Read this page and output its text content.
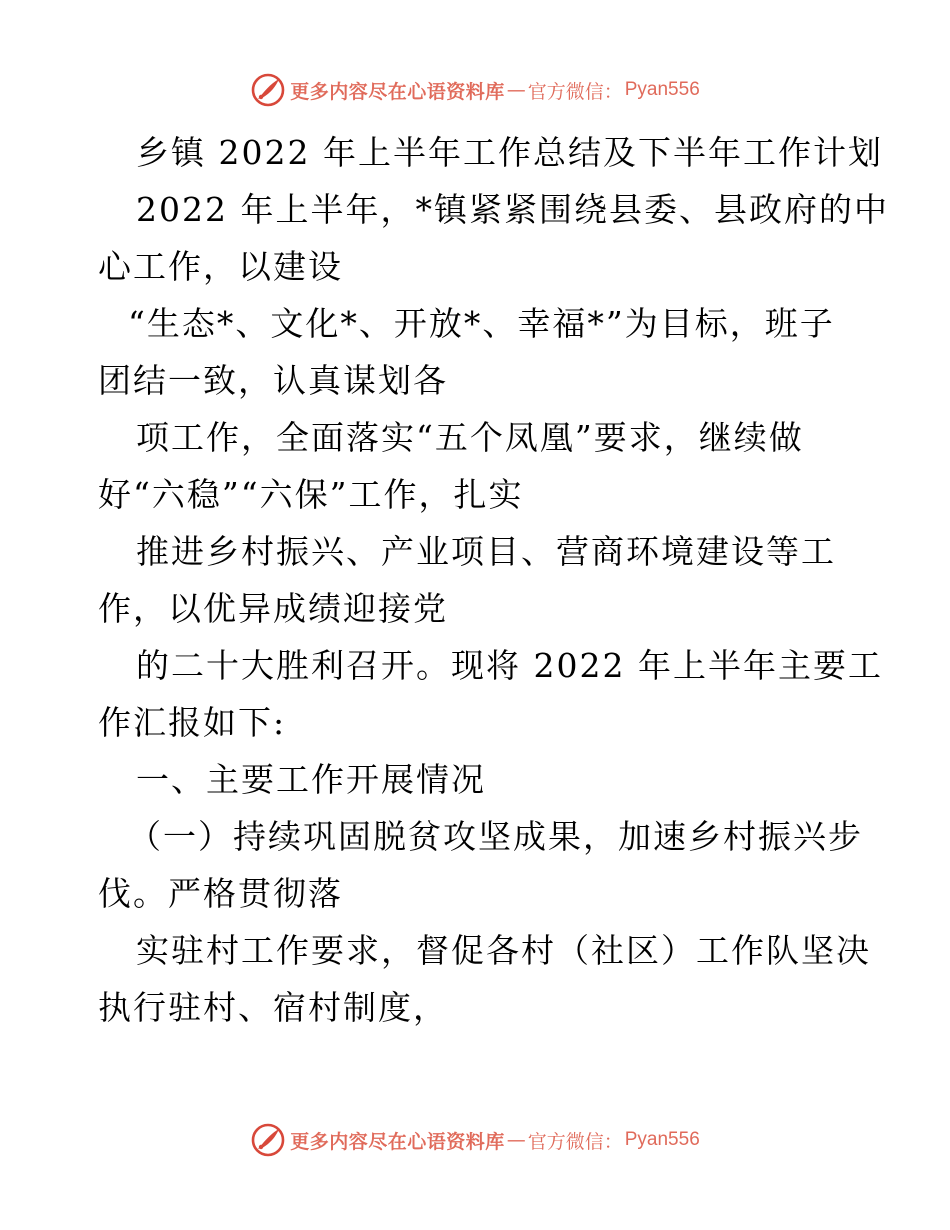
更多内容尽在心语资料库 — 官方微信： Pyan556
乡镇 2022 年上半年工作总结及下半年工作计划
2022 年上半年，*镇紧紧围绕县委、县政府的中
心工作，以建设
“生态*、文化*、开放*、幸福*”为目标，班子
团结一致，认真谋划各
项工作，全面落实“五个凤凰”要求，继续做
好“六稳”“六保”工作，扎实
推进乡村振兴、产业项目、营商环境建设等工
作，以优异成绩迎接党
的二十大胜利召开。现将 2022 年上半年主要工
作汇报如下:
一、主要工作开展情况
（一）持续巩固脱贫攻坚成果，加速乡村振兴步
伐。严格贯彻落
实驻村工作要求，督促各村（社区）工作队坚决
执行驻村、宿村制度，
更多内容尽在心语资料库 — 官方微信： Pyan556
